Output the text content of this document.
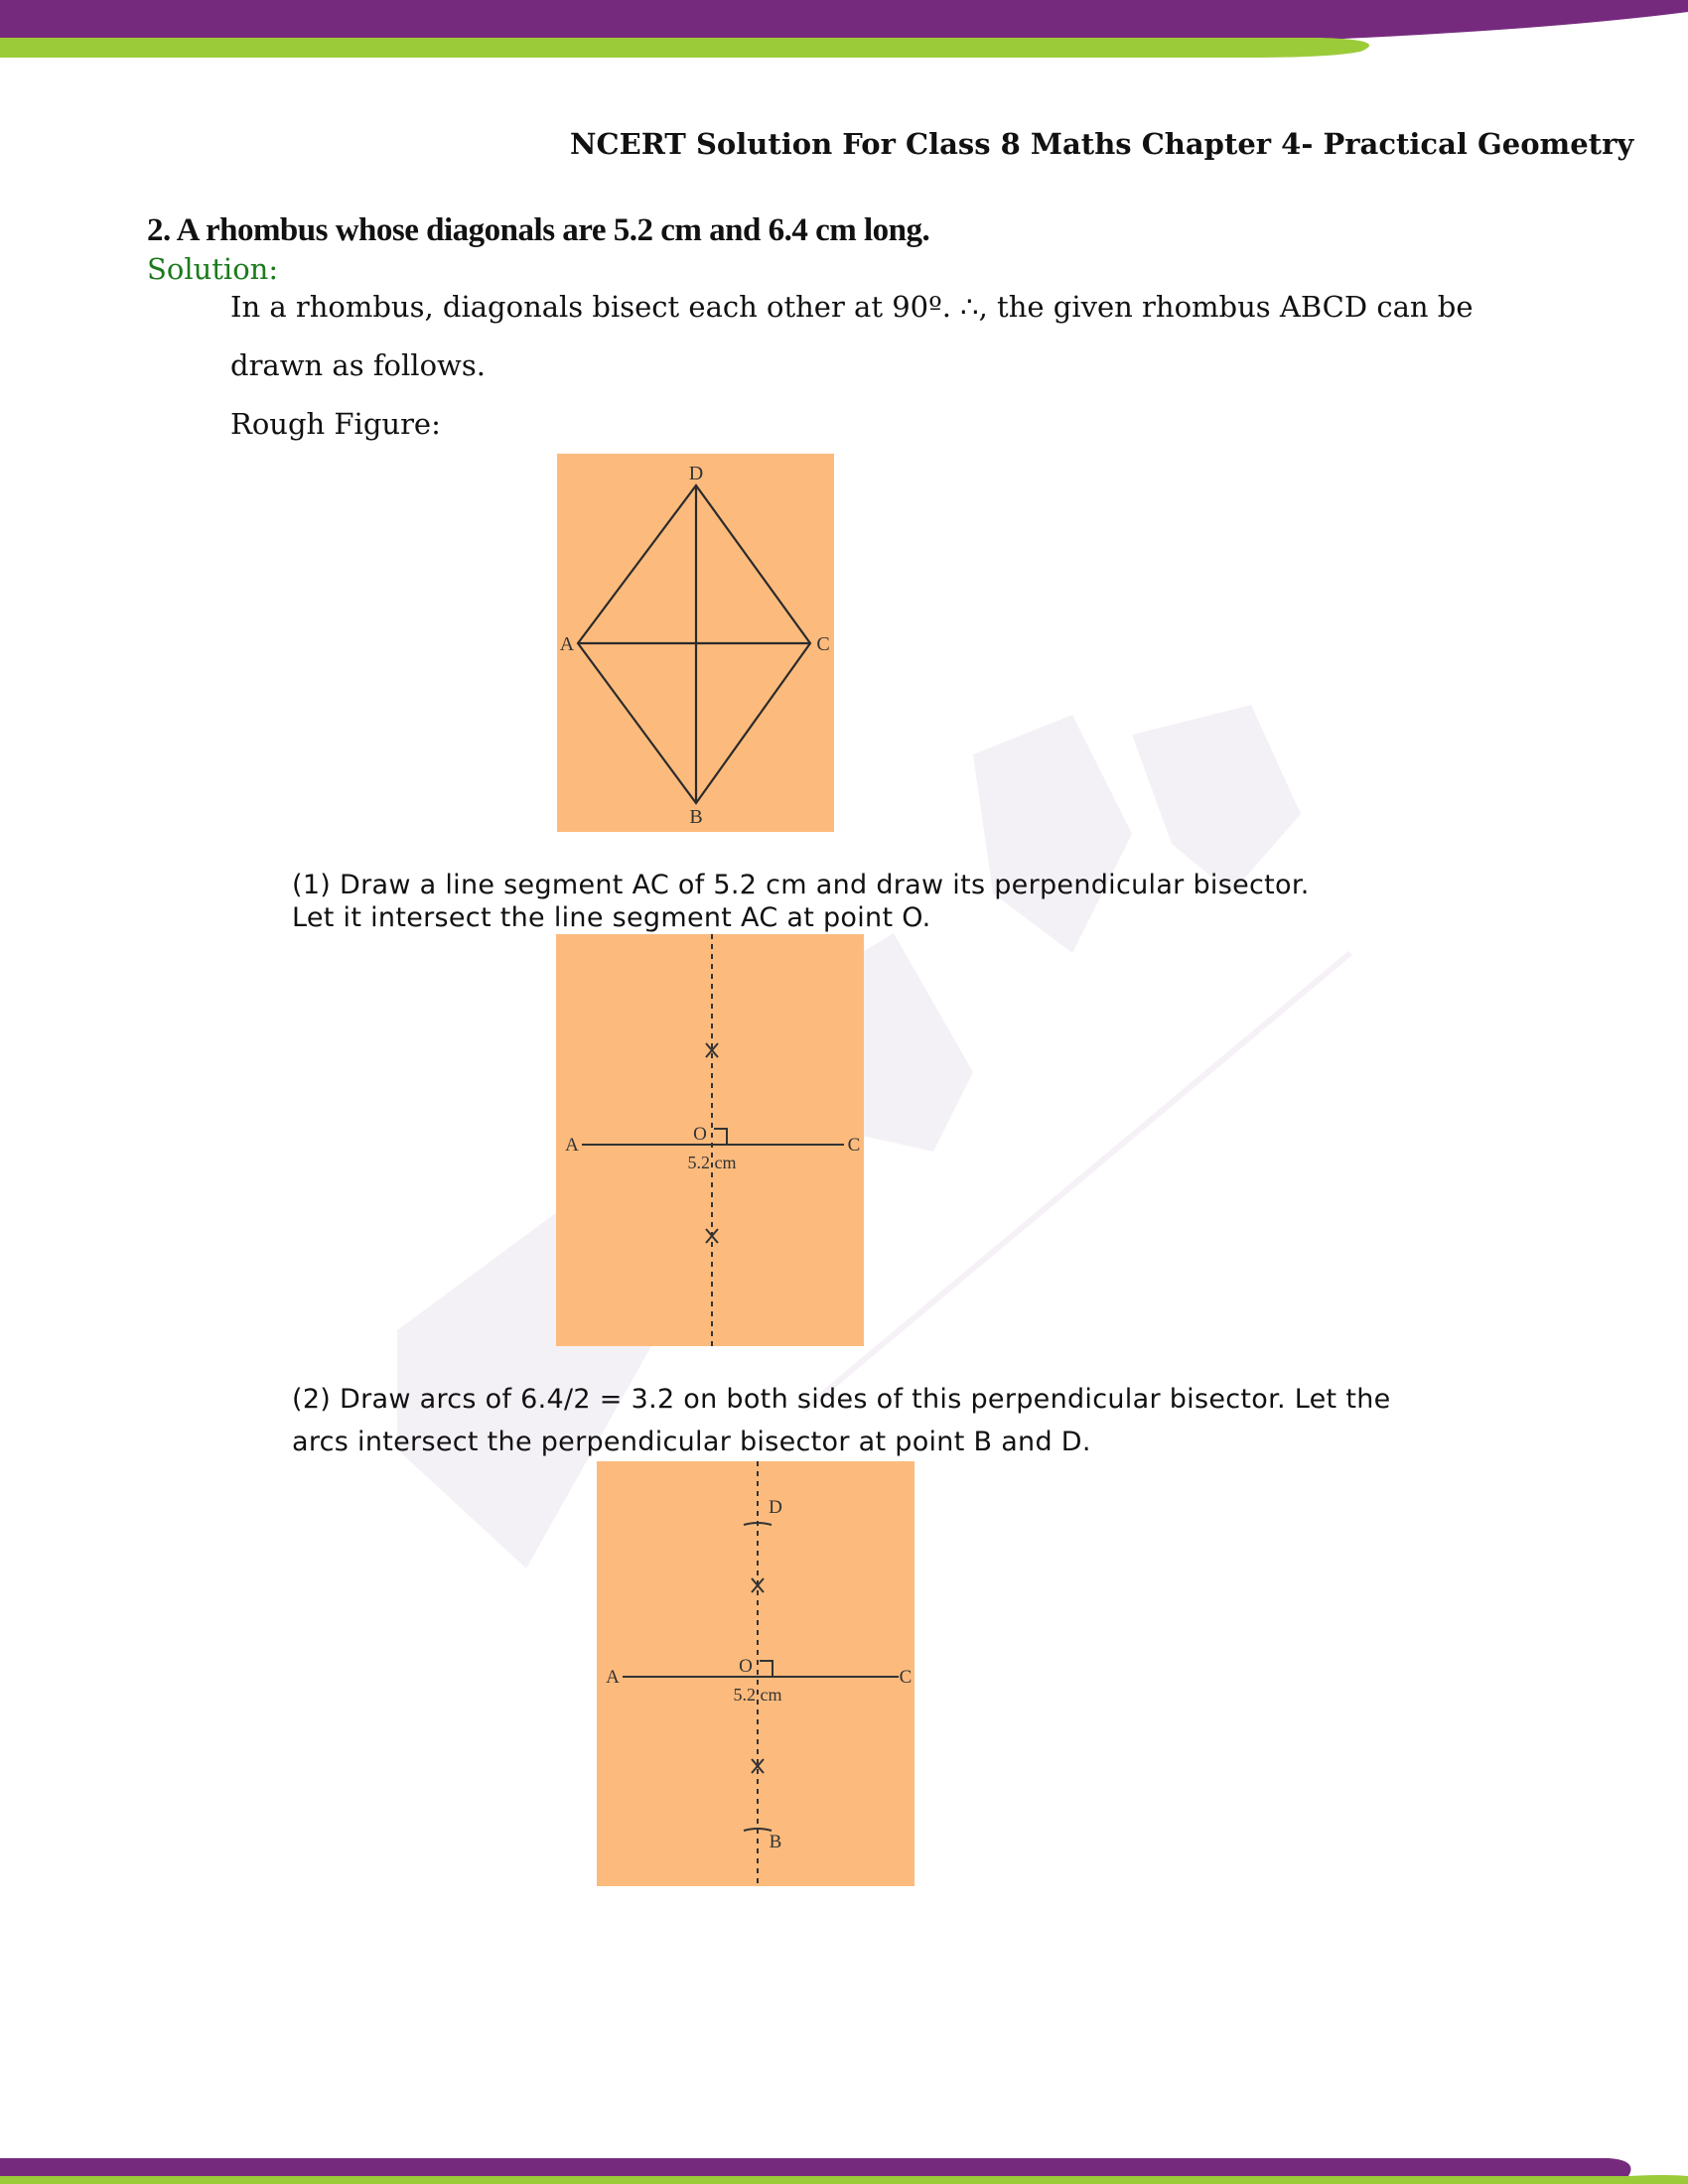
NCERT Solution For Class 8 Maths Chapter 4- Practical Geometry
2. A rhombus whose diagonals are 5.2 cm and 6.4 cm long.
Solution:
In a rhombus, diagonals bisect each other at 90º. ∴, the given rhombus ABCD can be
drawn as follows.
Rough Figure:
D
A	C
B
(1) Draw a line segment AC of 5.2 cm and draw its perpendicular bisector.
Let it intersect the line segment AC at point O.
A	C
O
5.2 cm
(2) Draw arcs of 6.4/2 = 3.2 on both sides of this perpendicular bisector. Let the
arcs intersect the perpendicular bisector at point B and D.
D
A	C
O
5.2 cm
B
